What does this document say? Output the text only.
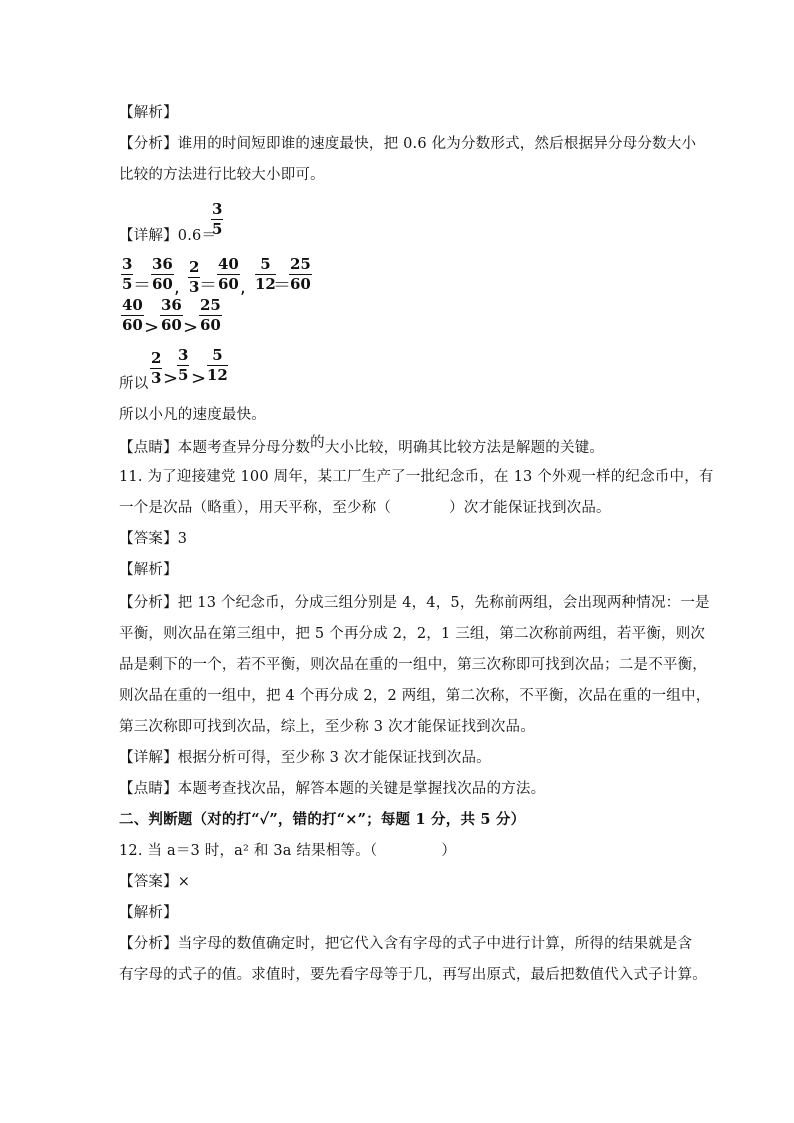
【解析】
【分析】谁用的时间短即谁的速度最快，把 0.6 化为分数形式，然后根据异分母分数大小
比较的方法进行比较大小即可。
【详解】0.6＝
3
5
3
5 ＝
36
60 ,
2
3 ＝
40
60 ,
5
12
＝
25
60
40
60 >
36
60 >
25
60
所以
2
3 >
3
5 >
5
12
所以小凡的速度最快。
【点睛】本题考查异分母分数的大小比较，明确其比较方法是解题的关键。
11. 为了迎接建党 100 周年，某工厂生产了一批纪念币，在 13 个外观一样的纪念币中，有
一个是次品（略重），用天平称，至少称（	）次才能保证找到次品。
【答案】3
【解析】
【分析】把 13 个纪念币，分成三组分别是 4，4，5，先称前两组，会出现两种情况：一是
平衡，则次品在第三组中，把 5 个再分成 2，2，1 三组，第二次称前两组，若平衡，则次
品是剩下的一个，若不平衡，则次品在重的一组中，第三次称即可找到次品；二是不平衡，
则次品在重的一组中，把 4 个再分成 2，2 两组，第二次称，不平衡，次品在重的一组中，
第三次称即可找到次品，综上，至少称 3 次才能保证找到次品。
【详解】根据分析可得，至少称 3 次才能保证找到次品。
【点睛】本题考查找次品，解答本题的关键是掌握找次品的方法。
二、判断题（对的打“✓”，错的打“×”；每题 1 分，共 5 分）
12. 当 a＝3 时，a² 和 3a 结果相等。（	）
【答案】×
【解析】
【分析】当字母的数值确定时，把它代入含有字母的式子中进行计算，所得的结果就是含
有字母的式子的值。求值时，要先看字母等于几，再写出原式，最后把数值代入式子计算。
